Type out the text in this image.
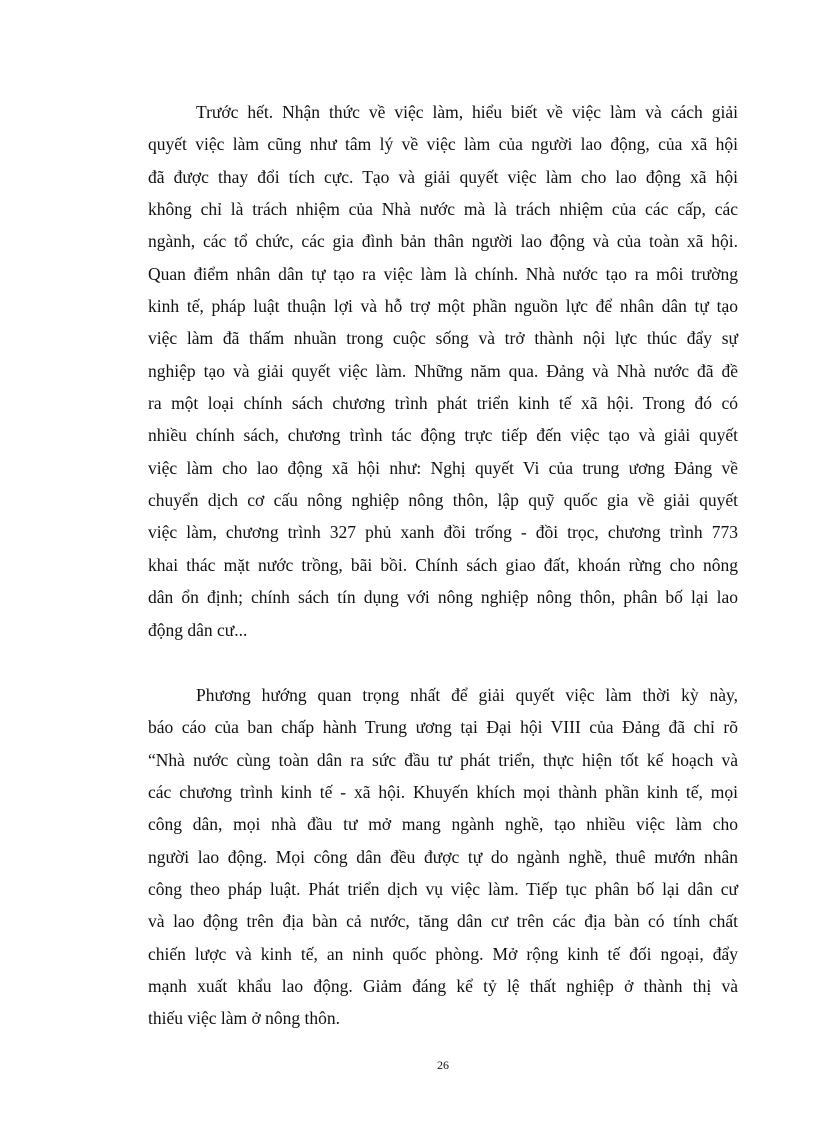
Trước hết. Nhận thức về việc làm, hiểu biết về việc làm và cách giải
quyết việc làm cũng như tâm lý về việc làm của người lao động, của xã hội
đã được thay đổi tích cực. Tạo và giải quyết việc làm cho lao động xã hội
không chỉ là trách nhiệm của Nhà nước mà là trách nhiệm của các cấp, các
ngành, các tổ chức, các gia đình bản thân người lao động và của toàn xã hội.
Quan điểm nhân dân tự tạo ra việc làm là chính. Nhà nước tạo ra môi trường
kinh tế, pháp luật thuận lợi và hỗ trợ một phần nguồn lực để nhân dân tự tạo
việc làm đã thấm nhuần trong cuộc sống và trở thành nội lực thúc đẩy sự
nghiệp tạo và giải quyết việc làm. Những năm qua. Đảng và Nhà nước đã đề
ra một loại chính sách chương trình phát triển kinh tế xã hội. Trong đó có
nhiều chính sách, chương trình tác động trực tiếp đến việc tạo và giải quyết
việc làm cho lao động xã hội như: Nghị quyết Vi của trung ương Đảng về
chuyển dịch cơ cấu nông nghiệp nông thôn, lập quỹ quốc gia về giải quyết
việc làm, chương trình 327 phủ xanh đồi trống - đồi trọc, chương trình 773
khai thác mặt nước trồng, bãi bồi. Chính sách giao đất, khoán rừng cho nông
dân ổn định; chính sách tín dụng với nông nghiệp nông thôn, phân bố lại lao
động dân cư...
Phương hướng quan trọng nhất để giải quyết việc làm thời kỳ này,
báo cáo của ban chấp hành Trung ương tại Đại hội VIII của Đảng đã chỉ rõ
“Nhà nước cùng toàn dân ra sức đầu tư phát triển, thực hiện tốt kế hoạch và
các chương trình kinh tế - xã hội. Khuyến khích mọi thành phần kinh tế, mọi
công dân, mọi nhà đầu tư mở mang ngành nghề, tạo nhiều việc làm cho
người lao động. Mọi công dân đều được tự do ngành nghề, thuê mướn nhân
công theo pháp luật. Phát triển dịch vụ việc làm. Tiếp tục phân bố lại dân cư
và lao động trên địa bàn cả nước, tăng dân cư trên các địa bàn có tính chất
chiến lược và kinh tế, an ninh quốc phòng. Mở rộng kinh tế đối ngoại, đẩy
mạnh xuất khẩu lao động. Giảm đáng kể tỷ lệ thất nghiệp ở thành thị và
thiếu việc làm ở nông thôn.
26
